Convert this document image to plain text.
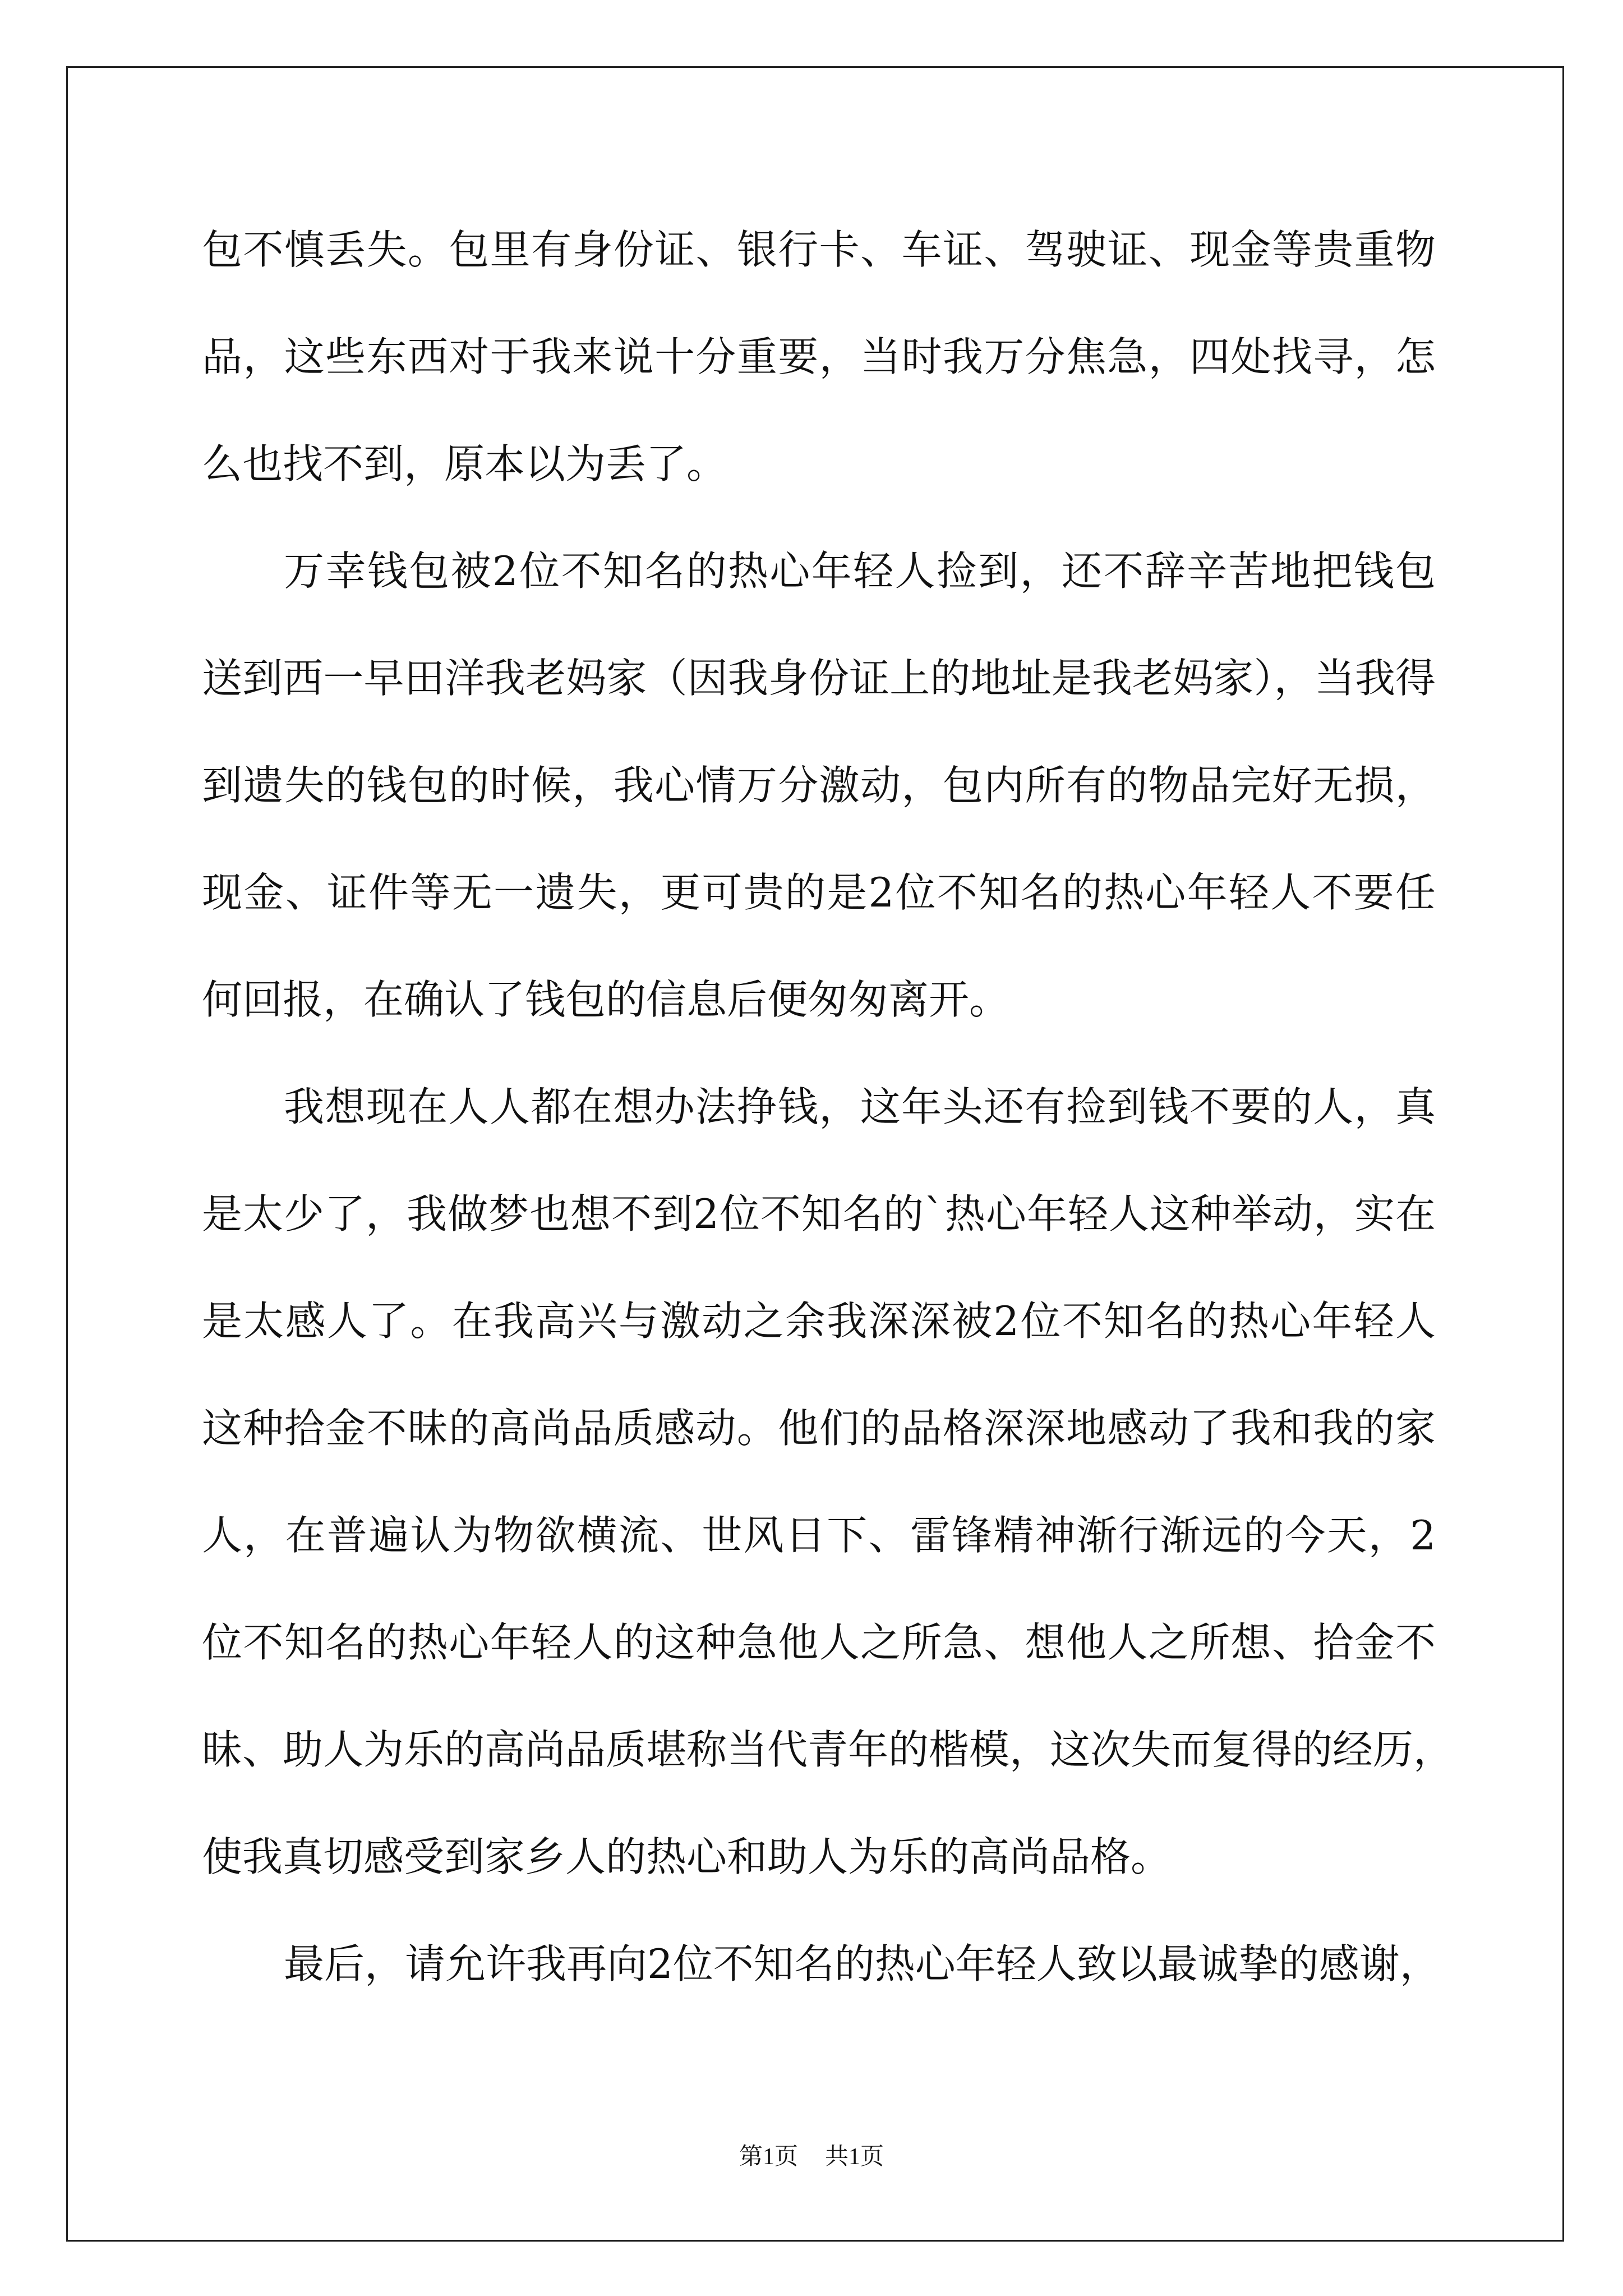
包不慎丢失。包里有身份证、银行卡、车证、驾驶证、现金等贵重物
品，这些东西对于我来说十分重要，当时我万分焦急，四处找寻，怎
么也找不到，原本以为丢了。
万幸钱包被2位不知名的热心年轻人捡到，还不辞辛苦地把钱包
送到西一早田洋我老妈家（因我身份证上的地址是我老妈家），当我得
到遗失的钱包的时候，我心情万分激动，包内所有的物品完好无损，
现金、证件等无一遗失，更可贵的是2位不知名的热心年轻人不要任
何回报，在确认了钱包的信息后便匆匆离开。
我想现在人人都在想办法挣钱，这年头还有捡到钱不要的人，真
是太少了，我做梦也想不到2位不知名的`热心年轻人这种举动，实在
是太感人了。在我高兴与激动之余我深深被2位不知名的热心年轻人
这种拾金不昧的高尚品质感动。他们的品格深深地感动了我和我的家
人，在普遍认为物欲横流、世风日下、雷锋精神渐行渐远的今天，2
位不知名的热心年轻人的这种急他人之所急、想他人之所想、拾金不
昧、助人为乐的高尚品质堪称当代青年的楷模，这次失而复得的经历，
使我真切感受到家乡人的热心和助人为乐的高尚品格。
最后，请允许我再向2位不知名的热心年轻人致以最诚挚的感谢，
第1页 共1页
